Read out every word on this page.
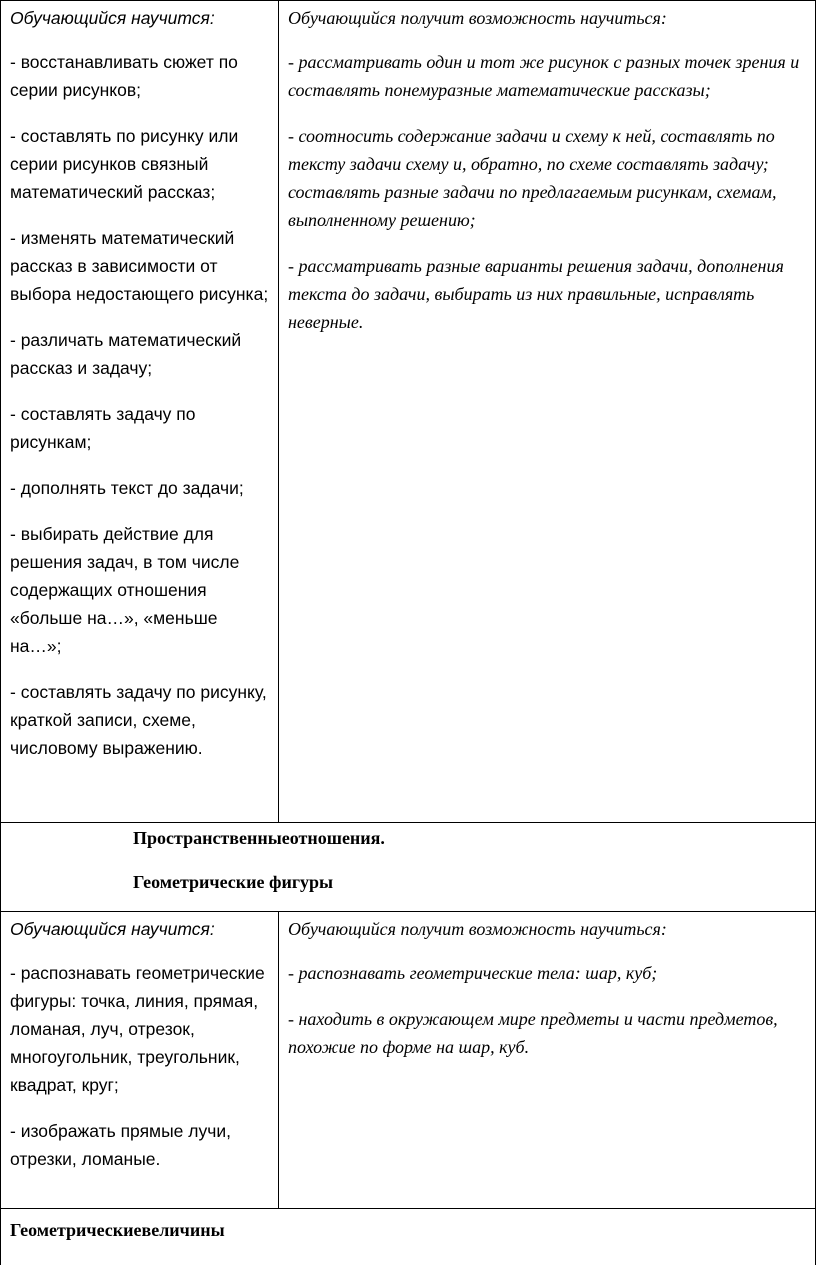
Обучающийся научится:

- восстанавливать сюжет по серии рисунков;

- составлять по рисунку или серии рисунков связный математический рассказ;

- изменять математический рассказ в зависимости от выбора недостающего рисунка;

- различать математический рассказ и задачу;

- составлять задачу по рисункам;

- дополнять текст до задачи;

- выбирать действие для решения задач, в том числе содержащих отношения «больше на…», «меньше на…»;

- составлять задачу по рисунку, краткой записи, схеме, числовому выражению.

Обучающийся получит возможность научиться:

- рассматривать один и тот же рисунок с разных точек зрения и составлять понемуразные математические рассказы;

- соотносить содержание задачи и схему к ней, составлять по тексту задачи схему и, обратно, по схеме составлять задачу; составлять разные задачи по предлагаемым рисункам, схемам, выполненному решению;

- рассматривать разные варианты решения задачи, дополнения текста до задачи, выбирать из них правильные, исправлять неверные.

Пространственныеотношения.

Геометрические фигуры

Обучающийся научится:

- распознавать геометрические фигуры: точка, линия, прямая, ломаная, луч, отрезок, многоугольник, треугольник, квадрат, круг;

- изображать прямые лучи, отрезки, ломаные.

Обучающийся получит возможность научиться:

- распознавать геометрические тела: шар, куб;

- находить в окружающем мире предметы и части предметов, похожие по форме на шар, куб.

Геометрическиевеличины
